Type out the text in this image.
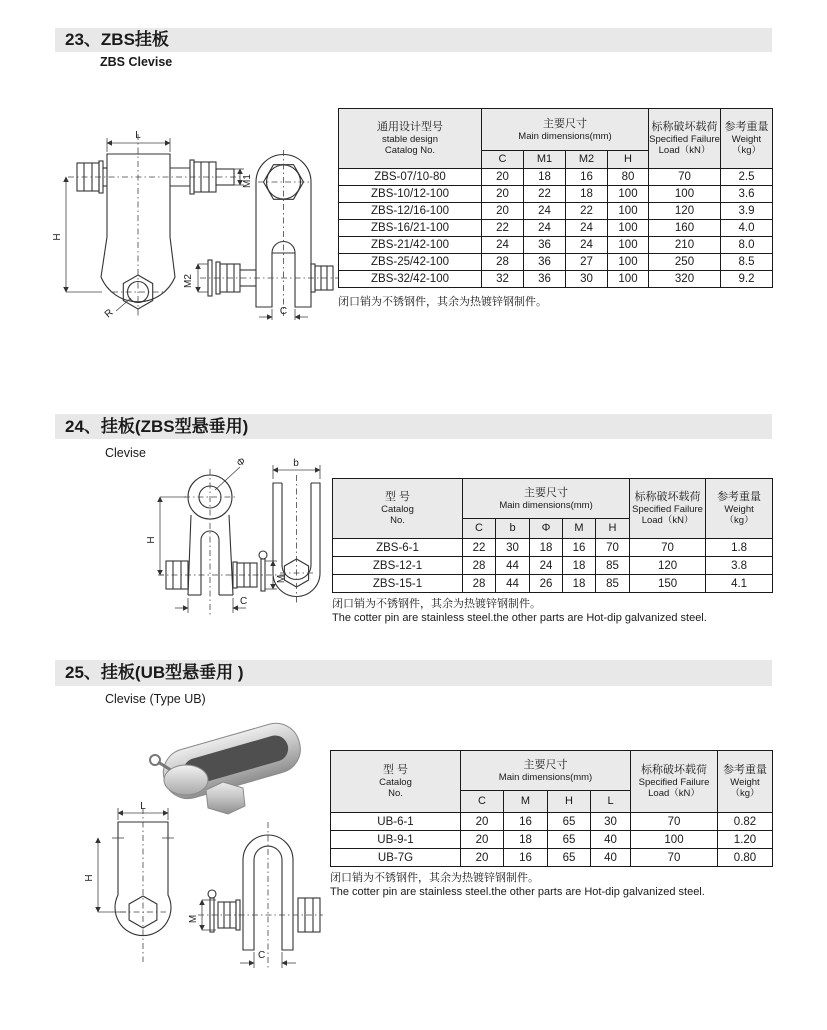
23、ZBS挂板
ZBS Clevise
L
M1
H
R
M2
C
通用设计型号
stable design
Catalog No.

主要尺寸
Main dimensions(mm)

标称破坏载荷
Specified Failure
Load（kN）

参考重量
Weight
（kg）

	C	M1	M2	H		
ZBS-07/10-80	20	18	16	80	70	2.5
ZBS-10/12-100	20	22	18	100	100	3.6
ZBS-12/16-100	20	24	22	100	120	3.9
ZBS-16/21-100	22	24	24	100	160	4.0
ZBS-21/42-100	24	36	24	100	210	8.0
ZBS-25/42-100	28	36	27	100	250	8.5
ZBS-32/42-100	32	36	30	100	320	9.2
闭口销为不锈钢件，其余为热镀锌钢制件。
24、挂板(ZBS型悬垂用)
Clevise
Φ
M
H
C
b
型 号
Catalog
No.

主要尺寸
Main dimensions(mm)

标称破坏载荷
Specified Failure
Load（kN）

参考重量
Weight
（kg）

	C	b	Φ	M	H		
ZBS-6-1	22	30	18	16	70	70	1.8
ZBS-12-1	28	44	24	18	85	120	3.8
ZBS-15-1	28	44	26	18	85	150	4.1
闭口销为不锈钢件，其余为热镀锌钢制件。
The cotter pin are stainless steel.the other parts are Hot-dip galvanized steel.
25、挂板(UB型悬垂用 )
Clevise (Type UB)
L
H
M
C
型 号
Catalog
No.

主要尺寸
Main dimensions(mm)

标称破坏载荷
Specified Failure
Load（kN）

参考重量
Weight
（kg）

	C	M	H	L		
UB-6-1	20	16	65	30	70	0.82
UB-9-1	20	18	65	40	100	1.20
UB-7G	20	16	65	40	70	0.80
闭口销为不锈钢件，其余为热镀锌钢制件。
The cotter pin are stainless steel.the other parts are Hot-dip galvanized steel.
